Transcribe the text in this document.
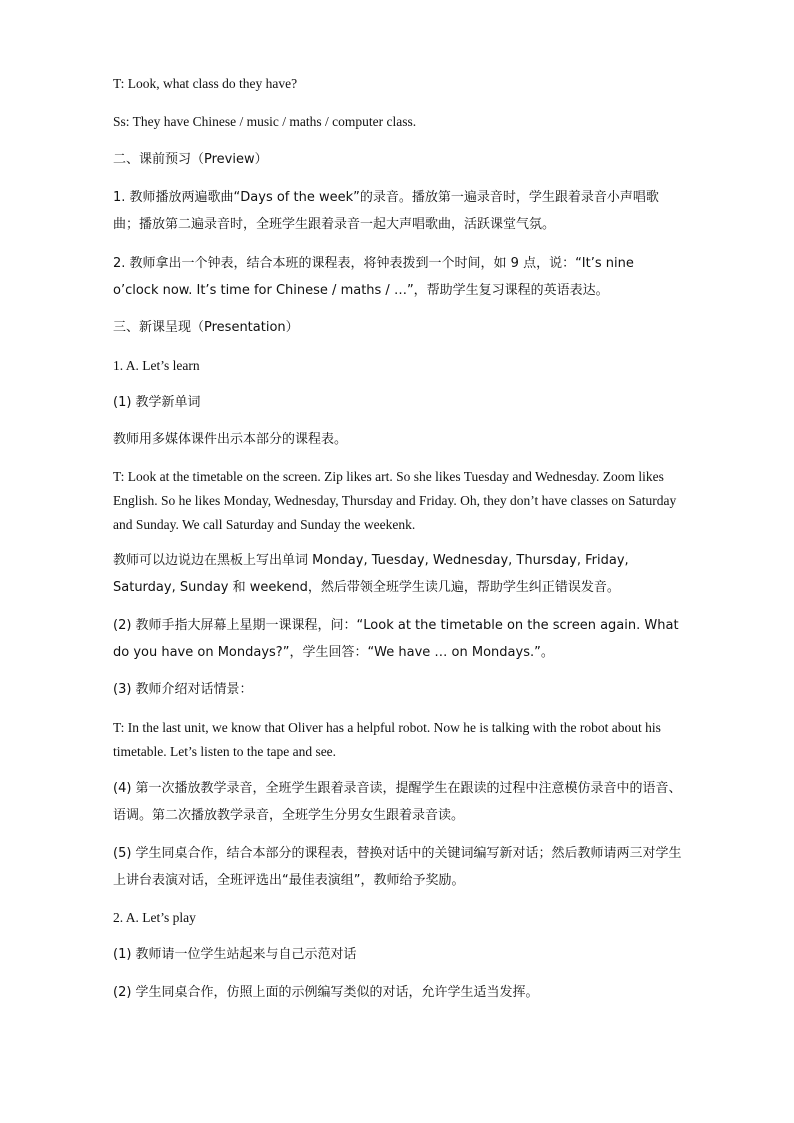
T: Look, what class do they have?

Ss: They have Chinese / music / maths / computer class.

二、课前预习（Preview）

1. 教师播放两遍歌曲“Days of the week”的录音。播放第一遍录音时，学生跟着录音小声唱歌曲；播放第二遍录音时，全班学生跟着录音一起大声唱歌曲，活跃课堂气氛。

2. 教师拿出一个钟表，结合本班的课程表，将钟表拨到一个时间，如 9 点，说：“It’s nine o’clock now. It’s time for Chinese / maths / …”，帮助学生复习课程的英语表达。

三、新课呈现（Presentation）

1. A. Let’s learn

(1) 教学新单词

教师用多媒体课件出示本部分的课程表。

T: Look at the timetable on the screen. Zip likes art. So she likes Tuesday and Wednesday. Zoom likes English. So he likes Monday, Wednesday, Thursday and Friday. Oh, they don’t have classes on Saturday and Sunday. We call Saturday and Sunday the weekenk.

教师可以边说边在黑板上写出单词 Monday, Tuesday, Wednesday, Thursday, Friday, Saturday, Sunday 和 weekend，然后带领全班学生读几遍，帮助学生纠正错误发音。

(2) 教师手指大屏幕上星期一课课程，问：“Look at the timetable on the screen again. What do you have on Mondays?”，学生回答：“We have … on Mondays.”。

(3) 教师介绍对话情景：

T: In the last unit, we know that Oliver has a helpful robot. Now he is talking with the robot about his timetable. Let’s listen to the tape and see.

(4) 第一次播放教学录音，全班学生跟着录音读，提醒学生在跟读的过程中注意模仿录音中的语音、语调。第二次播放教学录音，全班学生分男女生跟着录音读。

(5) 学生同桌合作，结合本部分的课程表，替换对话中的关键词编写新对话；然后教师请两三对学生上讲台表演对话，全班评选出“最佳表演组”，教师给予奖励。

2. A. Let’s play

(1) 教师请一位学生站起来与自己示范对话

(2) 学生同桌合作，仿照上面的示例编写类似的对话，允许学生适当发挥。
